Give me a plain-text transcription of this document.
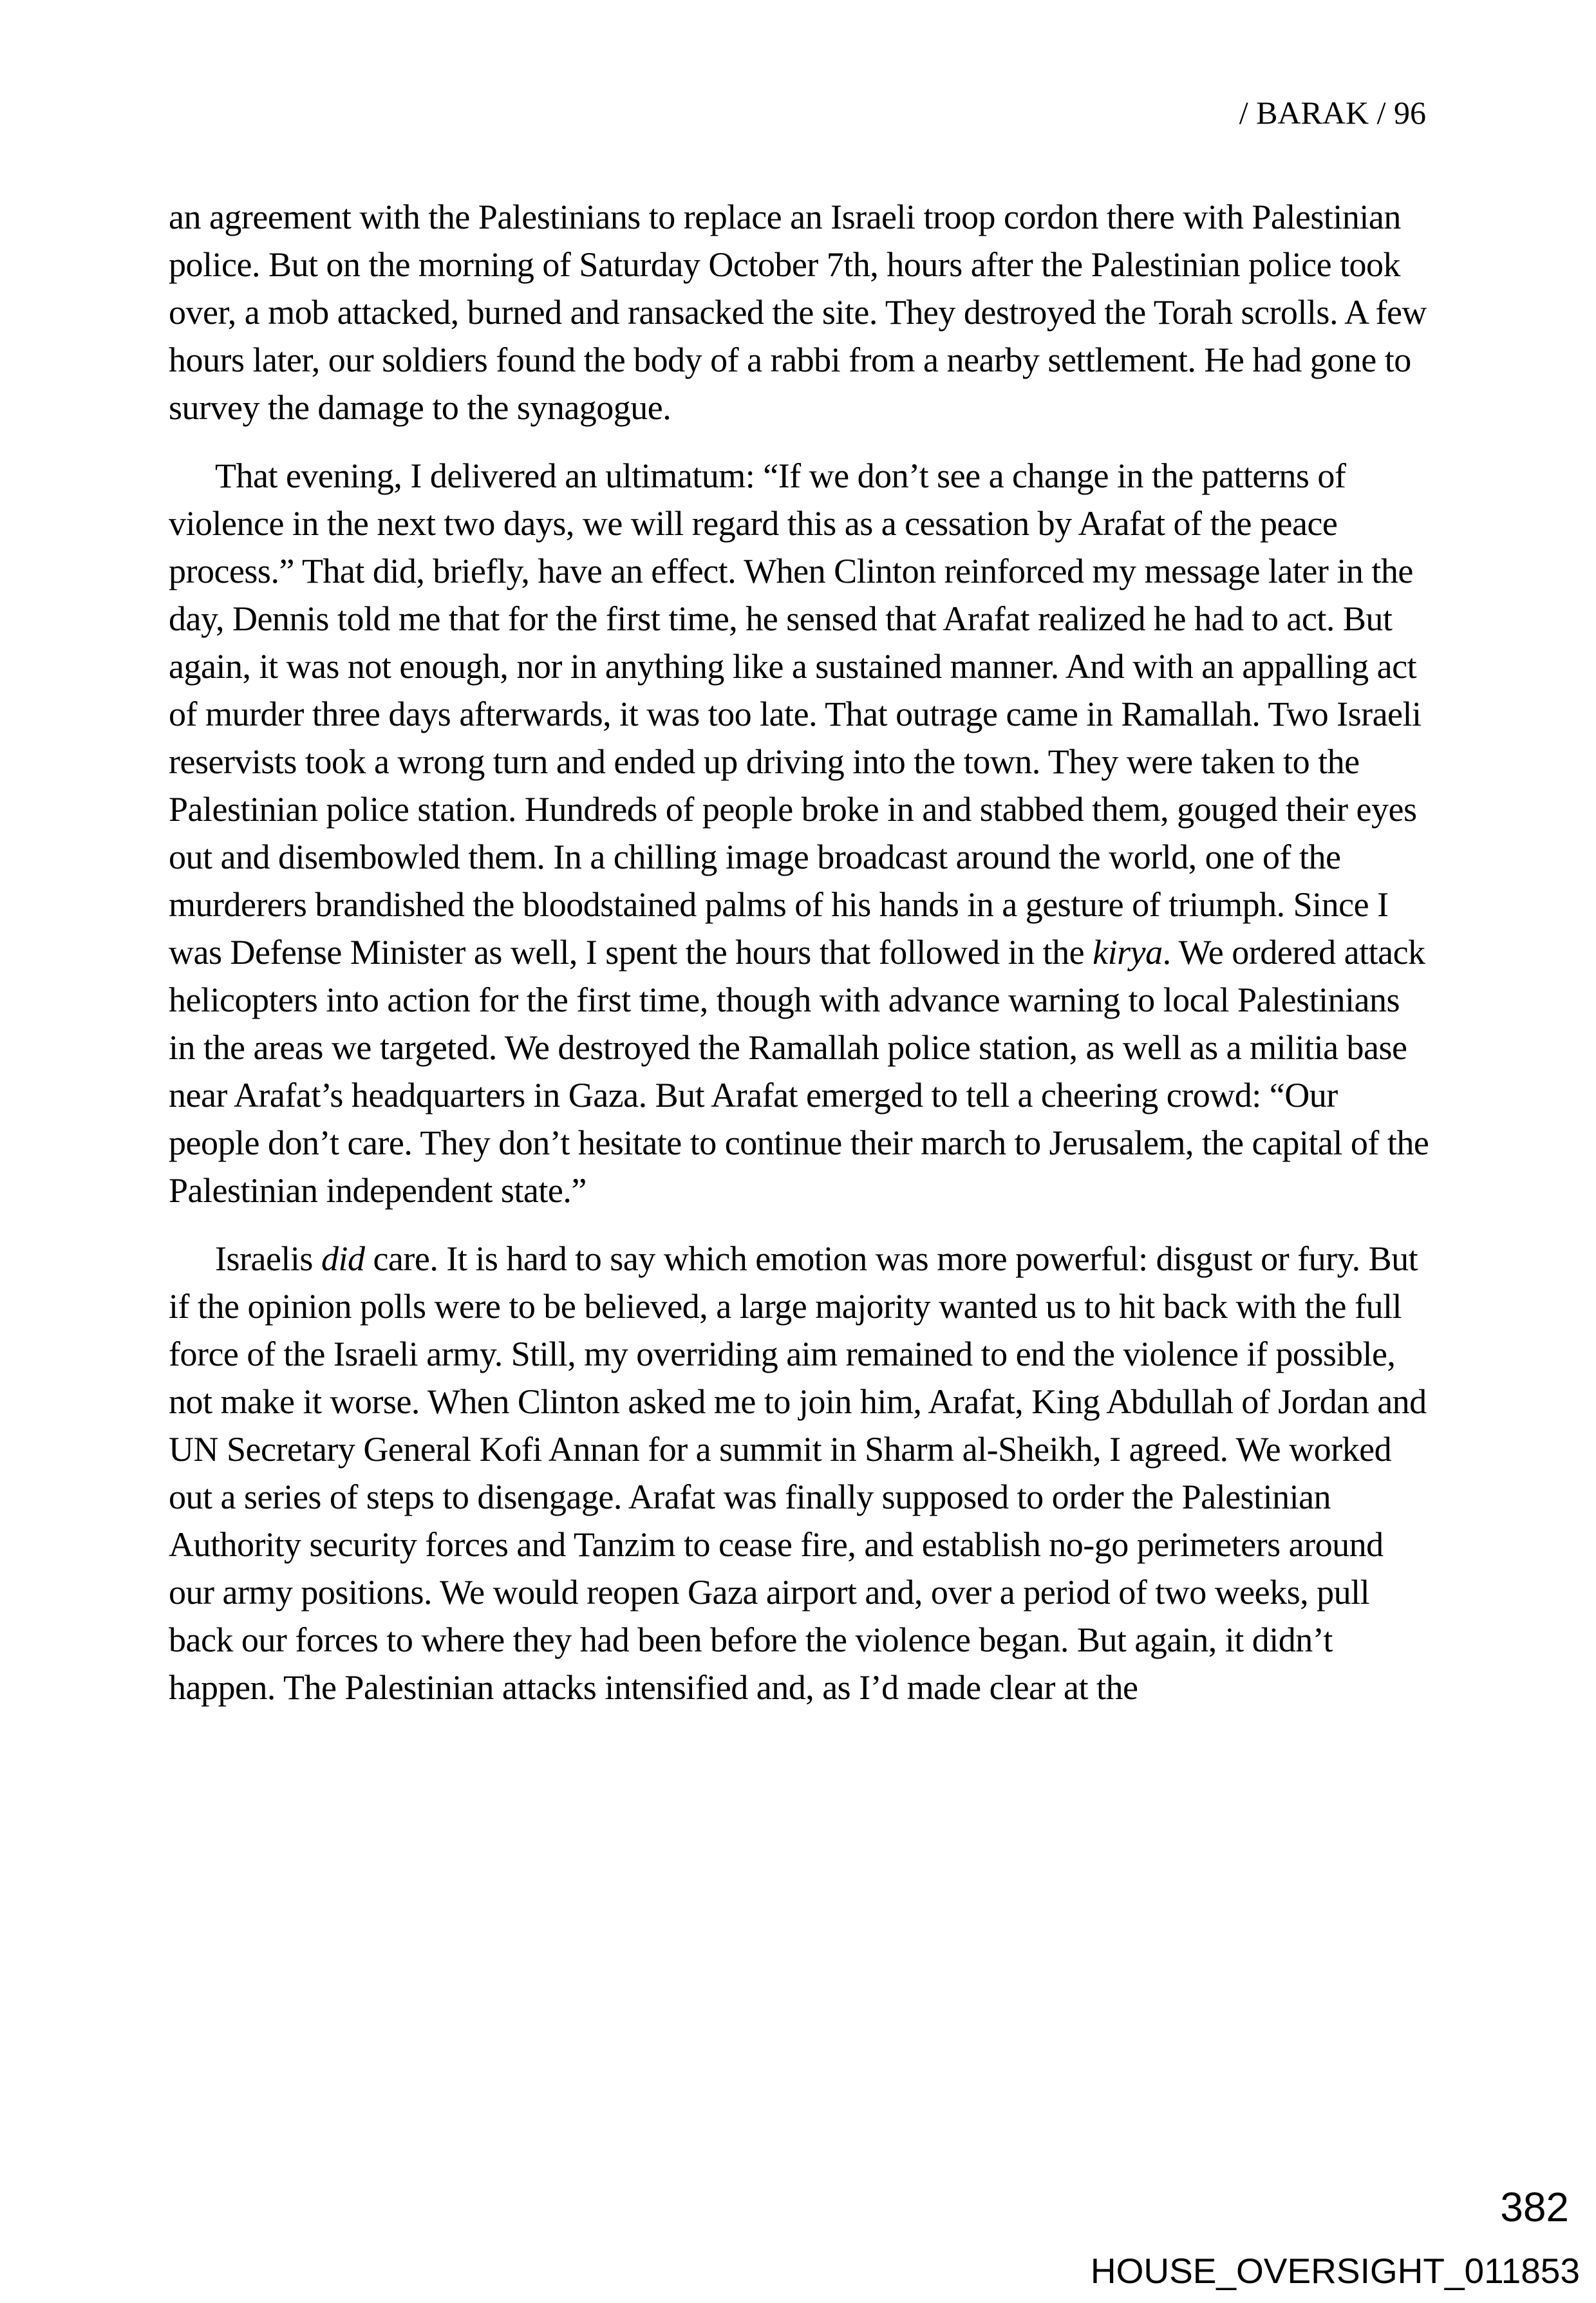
/ BARAK / 96

an agreement with the Palestinians to replace an Israeli troop cordon there with Palestinian police. But on the morning of Saturday October 7th, hours after the Palestinian police took over, a mob attacked, burned and ransacked the site. They destroyed the Torah scrolls. A few hours later, our soldiers found the body of a rabbi from a nearby settlement. He had gone to survey the damage to the synagogue.

That evening, I delivered an ultimatum: “If we don’t see a change in the patterns of violence in the next two days, we will regard this as a cessation by Arafat of the peace process.” That did, briefly, have an effect. When Clinton reinforced my message later in the day, Dennis told me that for the first time, he sensed that Arafat realized he had to act. But again, it was not enough, nor in anything like a sustained manner. And with an appalling act of murder three days afterwards, it was too late. That outrage came in Ramallah. Two Israeli reservists took a wrong turn and ended up driving into the town. They were taken to the Palestinian police station. Hundreds of people broke in and stabbed them, gouged their eyes out and disembowled them. In a chilling image broadcast around the world, one of the murderers brandished the bloodstained palms of his hands in a gesture of triumph. Since I was Defense Minister as well, I spent the hours that followed in the kirya. We ordered attack helicopters into action for the first time, though with advance warning to local Palestinians in the areas we targeted. We destroyed the Ramallah police station, as well as a militia base near Arafat’s headquarters in Gaza. But Arafat emerged to tell a cheering crowd: “Our people don’t care. They don’t hesitate to continue their march to Jerusalem, the capital of the Palestinian independent state.”

Israelis did care. It is hard to say which emotion was more powerful: disgust or fury. But if the opinion polls were to be believed, a large majority wanted us to hit back with the full force of the Israeli army. Still, my overriding aim remained to end the violence if possible, not make it worse. When Clinton asked me to join him, Arafat, King Abdullah of Jordan and UN Secretary General Kofi Annan for a summit in Sharm al-Sheikh, I agreed. We worked out a series of steps to disengage. Arafat was finally supposed to order the Palestinian Authority security forces and Tanzim to cease fire, and establish no-go perimeters around our army positions. We would reopen Gaza airport and, over a period of two weeks, pull back our forces to where they had been before the violence began. But again, it didn’t happen. The Palestinian attacks intensified and, as I’d made clear at the

382
HOUSE_OVERSIGHT_011853
